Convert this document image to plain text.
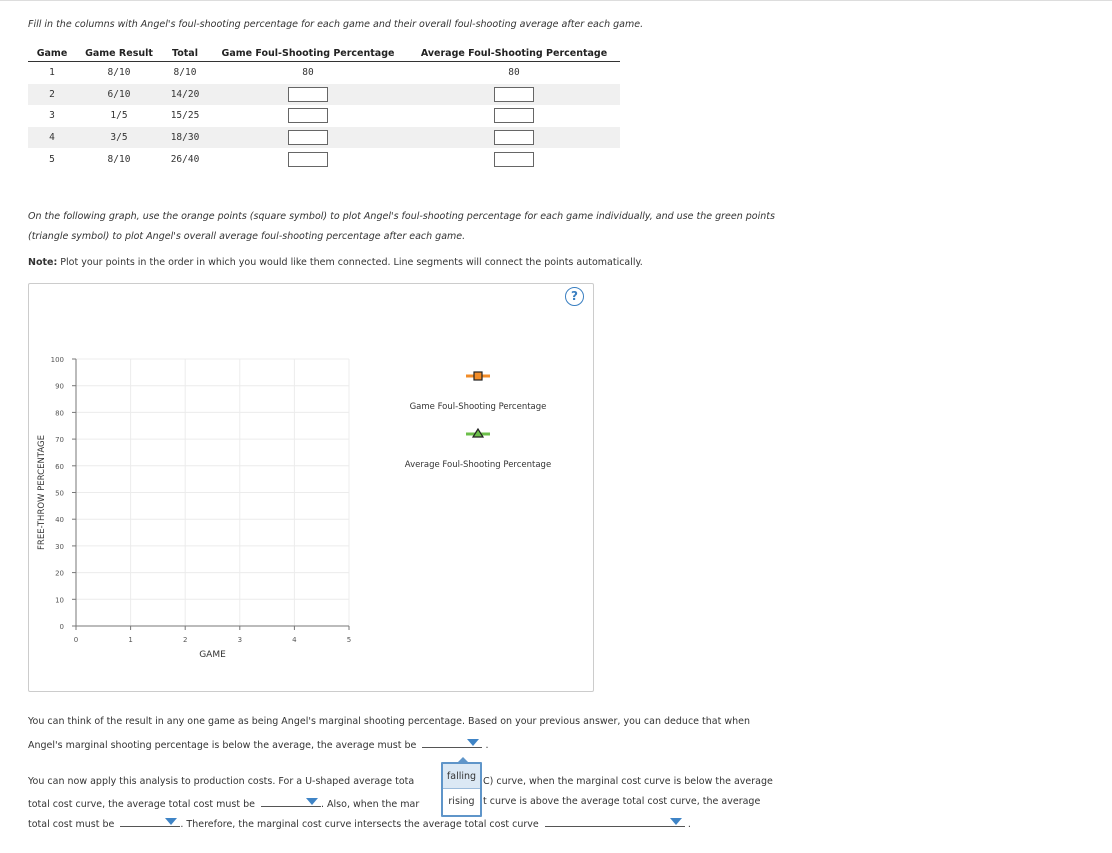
Fill in the columns with Angel's foul-shooting percentage for each game and their overall foul-shooting average after each game.
Game	Game Result	Total	Game Foul-Shooting Percentage	Average Foul-Shooting Percentage
1	8/10	8/10	80	80
2	6/10	14/20
3	1/5	15/25
4	3/5	18/30
5	8/10	26/40
On the following graph, use the orange points (square symbol) to plot Angel's foul-shooting percentage for each game individually, and use the green points (triangle symbol) to plot Angel's overall average foul-shooting percentage after each game.
Note: Plot your points in the order in which you would like them connected. Line segments will connect the points automatically.
?
0
10
20
30
40
50
60
70
80
90
100
0	1	2	3	4	5
GAME
FREE-THROW PERCENTAGE
Game Foul-Shooting Percentage
Average Foul-Shooting Percentage
You can think of the result in any one game as being Angel's marginal shooting percentage. Based on your previous answer, you can deduce that when
Angel's marginal shooting percentage is below the average, the average must be	.
You can now apply this analysis to production costs. For a U-shaped average tota	C) curve, when the marginal cost curve is below the average
total cost curve, the average total cost must be	. Also, when the mar	t curve is above the average total cost curve, the average
total cost must be	. Therefore, the marginal cost curve intersects the average total cost curve	.
falling
rising
